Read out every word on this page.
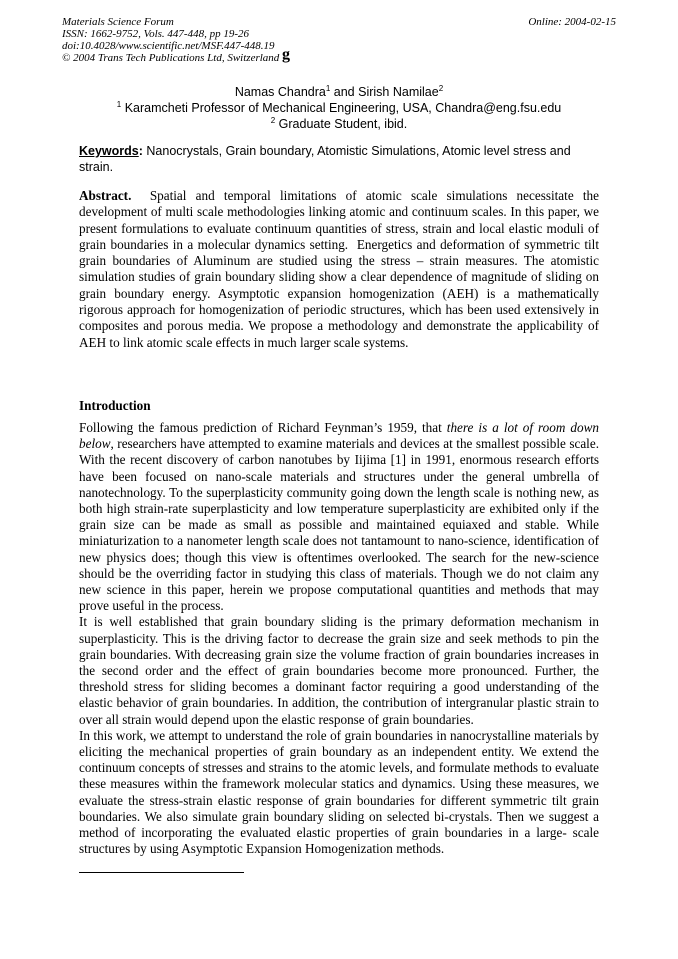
Materials Science Forum
ISSN: 1662-9752, Vols. 447-448, pp 19-26
doi:10.4028/www.scientific.net/MSF.447-448.19
© 2004 Trans Tech Publications Ltd, Switzerland
Online: 2004-02-15
g
Namas Chandra$^1$ and Sirish Namilae$^2$
$^1$ Karamcheti Professor of Mechanical Engineering, USA, Chandra@eng.fsu.edu
$^2$ Graduate Student, ibid.
Keywords: Nanocrystals, Grain boundary, Atomistic Simulations, Atomic level stress and strain.
Abstract.  Spatial and temporal limitations of atomic scale simulations necessitate the development of multi scale methodologies linking atomic and continuum scales. In this paper, we present formulations to evaluate continuum quantities of stress, strain and local elastic moduli of grain boundaries in a molecular dynamics setting.  Energetics and deformation of symmetric tilt grain boundaries of Aluminum are studied using the stress – strain measures. The atomistic simulation studies of grain boundary sliding show a clear dependence of magnitude of sliding on grain boundary energy. Asymptotic expansion homogenization (AEH) is a mathematically rigorous approach for homogenization of periodic structures, which has been used extensively in composites and porous media. We propose a methodology and demonstrate the applicability of AEH to link atomic scale effects in much larger scale systems.
Introduction

Following the famous prediction of Richard Feynman’s 1959, that there is a lot of room down below, researchers have attempted to examine materials and devices at the smallest possible scale. With the recent discovery of carbon nanotubes by Iijima [1] in 1991, enormous research efforts have been focused on nano-scale materials and structures under the general umbrella of nanotechnology. To the superplasticity community going down the length scale is nothing new, as both high strain-rate superplasticity and low temperature superplasticity are exhibited only if the grain size can be made as small as possible and maintained equiaxed and stable. While miniaturization to a nanometer length scale does not tantamount to nano-science, identification of new physics does; though this view is oftentimes overlooked. The search for the new-science should be the overriding factor in studying this class of materials. Though we do not claim any new science in this paper, herein we propose computational quantities and methods that may prove useful in the process.

It is well established that grain boundary sliding is the primary deformation mechanism in superplasticity. This is the driving factor to decrease the grain size and seek methods to pin the grain boundaries. With decreasing grain size the volume fraction of grain boundaries increases in the second order and the effect of grain boundaries become more pronounced. Further, the threshold stress for sliding becomes a dominant factor requiring a good understanding of the elastic behavior of grain boundaries. In addition, the contribution of intergranular plastic strain to over all strain would depend upon the elastic response of grain boundaries.

In this work, we attempt to understand the role of grain boundaries in nanocrystalline materials by eliciting the mechanical properties of grain boundary as an independent entity. We extend the continuum concepts of stresses and strains to the atomic levels, and formulate methods to evaluate these measures within the framework molecular statics and dynamics. Using these measures, we evaluate the stress-strain elastic response of grain boundaries for different symmetric tilt grain boundaries. We also simulate grain boundary sliding on selected bi-crystals. Then we suggest a method of incorporating the evaluated elastic properties of grain boundaries in a large- scale structures by using Asymptotic Expansion Homogenization methods.
